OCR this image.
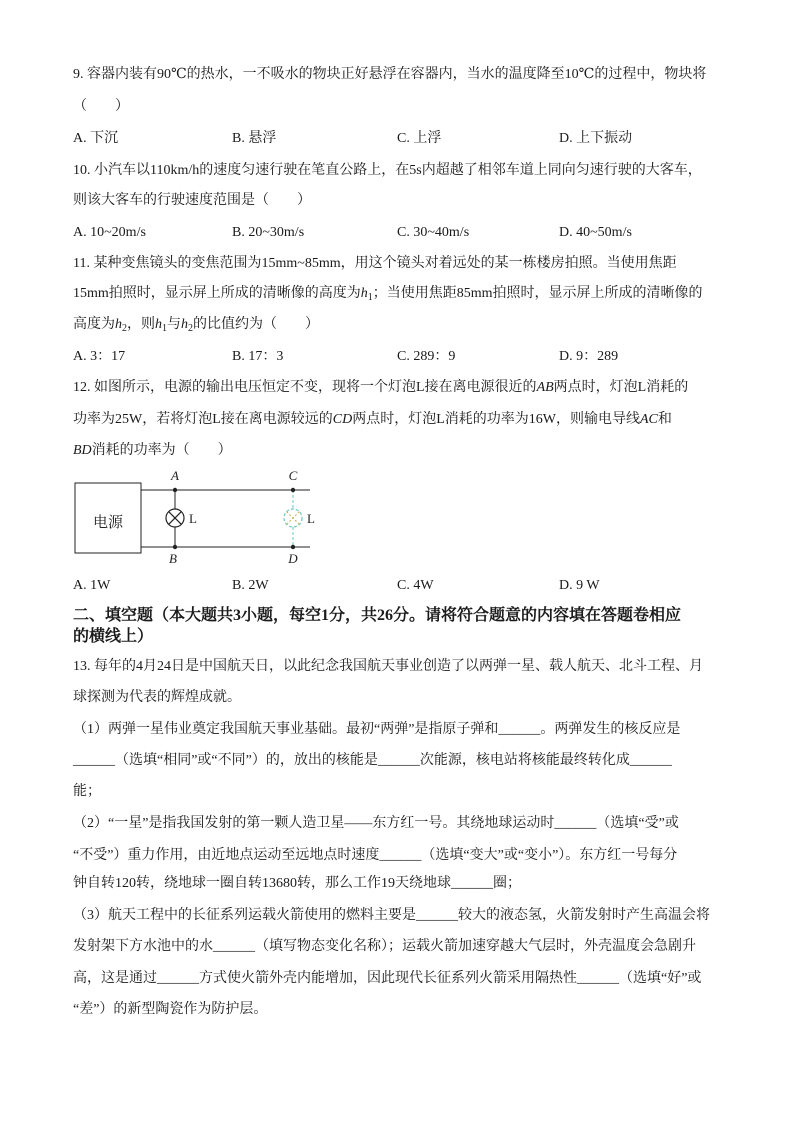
9. 容器内装有90℃的热水，一不吸水的物块正好悬浮在容器内，当水的温度降至10℃的过程中，物块将
（　　）
A. 下沉	B. 悬浮	C. 上浮	D. 上下振动
10. 小汽车以110km/h的速度匀速行驶在笔直公路上，在5s内超越了相邻车道上同向匀速行驶的大客车，
则该大客车的行驶速度范围是（　　）
A. 10~20m/s	B. 20~30m/s	C. 30~40m/s	D. 40~50m/s
11. 某种变焦镜头的变焦范围为15mm~85mm，用这个镜头对着远处的某一栋楼房拍照。当使用焦距
15mm拍照时，显示屏上所成的清晰像的高度为$h_1$；当使用焦距85mm拍照时，显示屏上所成的清晰像的
高度为$h_2$，则$h_1$与$h_2$的比值约为（　　）
A. 3：17	B. 17：3	C. 289：9	D. 9：289
12. 如图所示，电源的输出电压恒定不变，现将一个灯泡L接在离电源很近的AB两点时，灯泡L消耗的
功率为25W，若将灯泡L接在离电源较远的CD两点时，灯泡L消耗的功率为16W，则输电导线AC和
BD消耗的功率为（　　）
电源
A
B
L
C
D
L
A. 1W	B. 2W	C. 4W	D. 9 W
二、填空题（本大题共3小题，每空1分，共26分。请将符合题意的内容填在答题卷相应
的横线上）
13. 每年的4月24日是中国航天日，以此纪念我国航天事业创造了以两弹一星、载人航天、北斗工程、月
球探测为代表的辉煌成就。
（1）两弹一星伟业奠定我国航天事业基础。最初“两弹”是指原子弹和______。两弹发生的核反应是
______（选填“相同”或“不同”）的，放出的核能是______次能源，核电站将核能最终转化成______
能；
（2）“一星”是指我国发射的第一颗人造卫星——东方红一号。其绕地球运动时______（选填“受”或
“不受”）重力作用，由近地点运动至远地点时速度______（选填“变大”或“变小”）。东方红一号每分
钟自转120转，绕地球一圈自转13680转，那么工作19天绕地球______圈；
（3）航天工程中的长征系列运载火箭使用的燃料主要是______较大的液态氢，火箭发射时产生高温会将
发射架下方水池中的水______（填写物态变化名称）；运载火箭加速穿越大气层时，外壳温度会急剧升
高，这是通过______方式使火箭外壳内能增加，因此现代长征系列火箭采用隔热性______（选填“好”或
“差”）的新型陶瓷作为防护层。
